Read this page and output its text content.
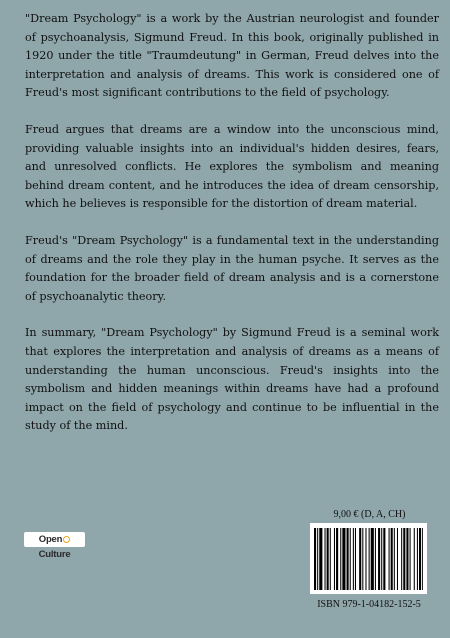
"Dream Psychology" is a work by the Austrian neurologist and founder of psychoanalysis, Sigmund Freud. In this book, originally published in 1920 under the title "Traumdeutung" in German, Freud delves into the interpretation and analysis of dreams. This work is considered one of Freud's most significant contributions to the field of psychology.

Freud argues that dreams are a window into the unconscious mind, providing valuable insights into an individual's hidden desires, fears, and unresolved conflicts. He explores the symbolism and meaning behind dream content, and he introduces the idea of dream censorship, which he believes is responsible for the distortion of dream material.

Freud's "Dream Psychology" is a fundamental text in the understanding of dreams and the role they play in the human psyche. It serves as the foundation for the broader field of dream analysis and is a cornerstone of psychoanalytic theory.

In summary, "Dream Psychology" by Sigmund Freud is a seminal work that explores the interpretation and analysis of dreams as a means of understanding the human unconscious. Freud's insights into the symbolism and hidden meanings within dreams have had a profound impact on the field of psychology and continue to be influential in the study of the mind.

OpenCulture
9,00 € (D, A, CH)
ISBN 979-1-04182-152-5
